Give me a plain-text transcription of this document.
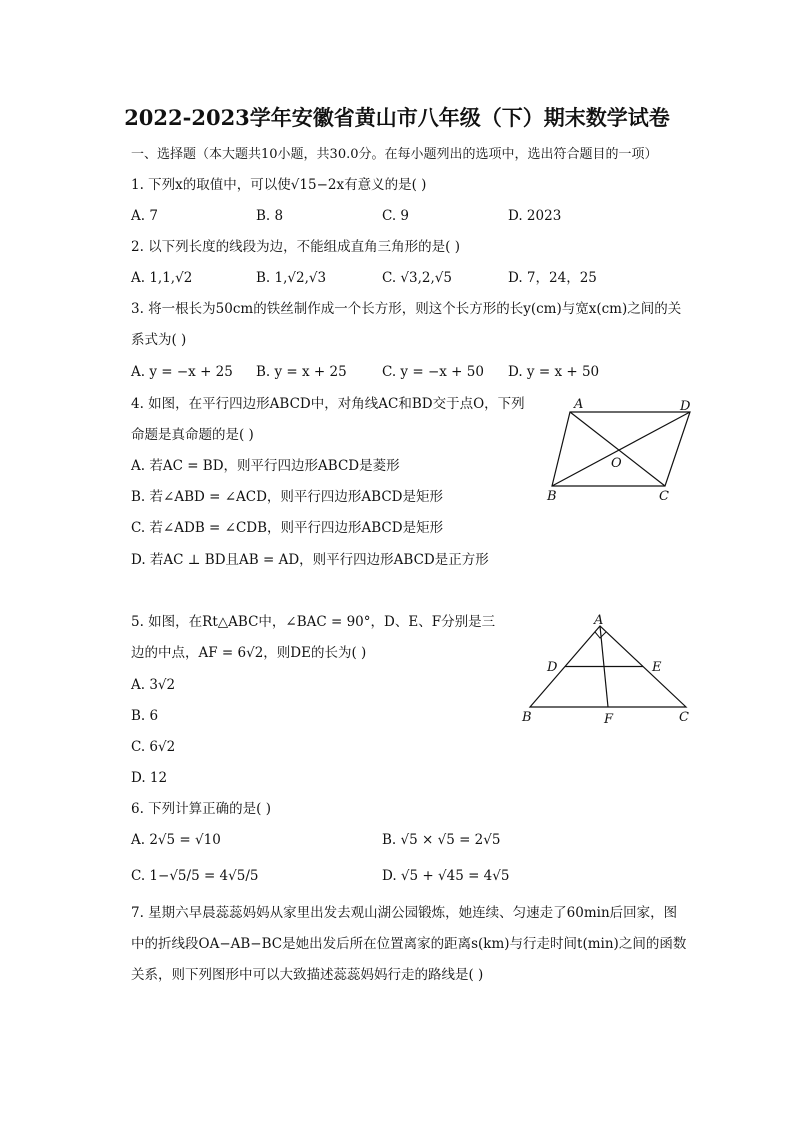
2022-2023学年安徽省黄山市八年级（下）期末数学试卷
一、选择题（本大题共10小题，共30.0分。在每小题列出的选项中，选出符合题目的一项）
1. 下列x的取值中，可以使√15−2x有意义的是( )
A. 7	B. 8	C. 9	D. 2023
2. 以下列长度的线段为边，不能组成直角三角形的是( )
A. 1,1,√2	B. 1,√2,√3	C. √3,2,√5	D. 7，24，25
3. 将一根长为50cm的铁丝制作成一个长方形，则这个长方形的长y(cm)与宽x(cm)之间的关
系式为( )
A. y = −x + 25 B. y = x + 25	C. y = −x + 50 D. y = x + 50
4. 如图，在平行四边形ABCD中，对角线AC和BD交于点O，下列
命题是真命题的是( )
A. 若AC = BD，则平行四边形ABCD是菱形
B. 若∠ABD = ∠ACD，则平行四边形ABCD是矩形
C. 若∠ADB = ∠CDB，则平行四边形ABCD是矩形
D. 若AC ⊥ BD且AB = AD，则平行四边形ABCD是正方形
A	D
O
B	C
5. 如图，在Rt△ABC中，∠BAC = 90°，D、E、F分别是三
边的中点，AF = 6√2，则DE的长为( )
A. 3√2
B. 6
C. 6√2
D. 12
A
D	E
B	F	C
6. 下列计算正确的是( )
A. 2√5 = √10	B. √5 × √5 = 2√5
C. 1−√5/5 = 4√5/5	D. √5 + √45 = 4√5
7. 星期六早晨蕊蕊妈妈从家里出发去观山湖公园锻炼，她连续、匀速走了60min后回家，图
中的折线段OA−AB−BC是她出发后所在位置离家的距离s(km)与行走时间t(min)之间的函数
关系，则下列图形中可以大致描述蕊蕊妈妈行走的路线是( )
